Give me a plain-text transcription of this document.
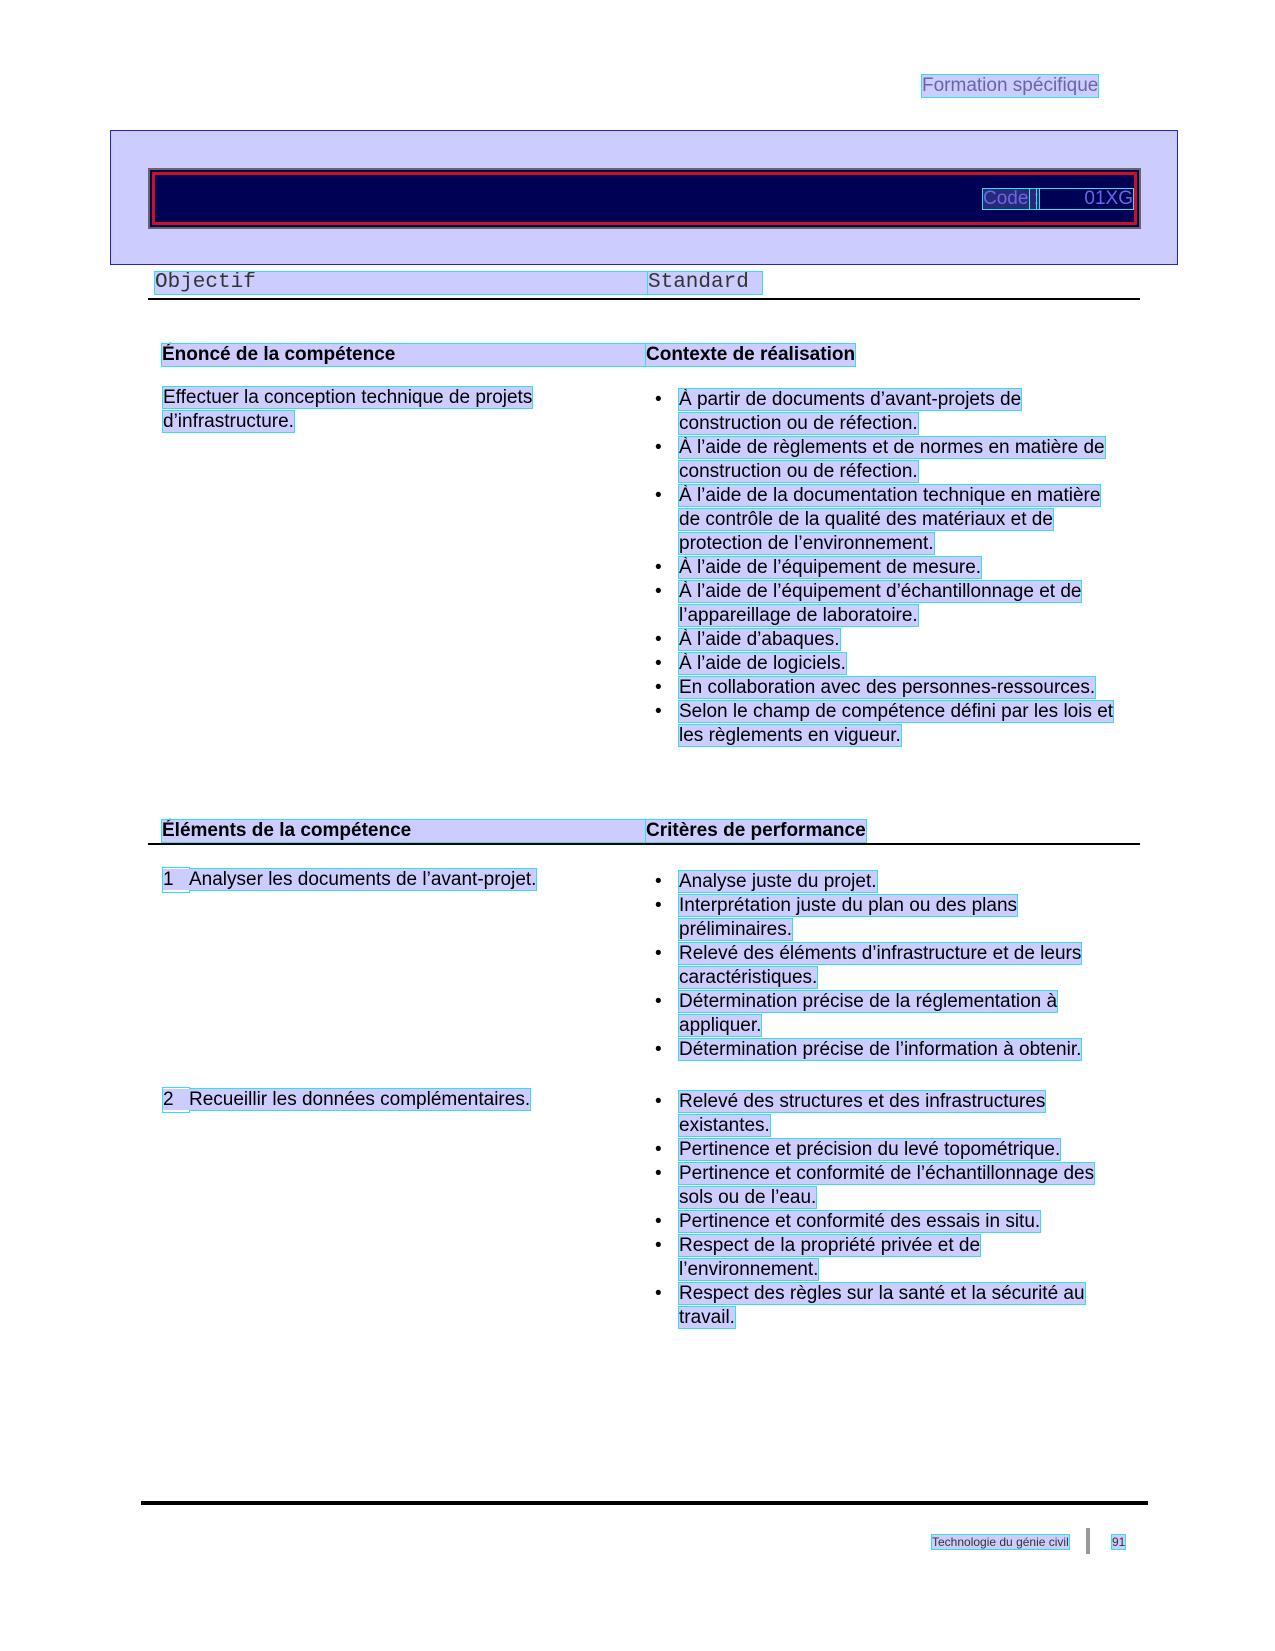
Formation spécifique
Code :	01XG
Objectif	Standard
Énoncé de la compétence	Contexte de réalisation
Effectuer la conception technique de projets d’infrastructure.
• À partir de documents d’avant-projets de construction ou de réfection.
• À l’aide de règlements et de normes en matière de construction ou de réfection.
• À l’aide de la documentation technique en matière de contrôle de la qualité des matériaux et de protection de l’environnement.
• À l’aide de l’équipement de mesure.
• À l’aide de l’équipement d’échantillonnage et de l’appareillage de laboratoire.
• À l’aide d’abaques.
• À l’aide de logiciels.
• En collaboration avec des personnes-ressources.
• Selon le champ de compétence défini par les lois et les règlements en vigueur.
Éléments de la compétence	Critères de performance
1 Analyser les documents de l’avant-projet.	• Analyse juste du projet.
• Interprétation juste du plan ou des plans préliminaires.
• Relevé des éléments d’infrastructure et de leurs caractéristiques.
• Détermination précise de la réglementation à appliquer.
• Détermination précise de l’information à obtenir.
2 Recueillir les données complémentaires.	• Relevé des structures et des infrastructures existantes.
• Pertinence et précision du levé topométrique.
• Pertinence et conformité de l’échantillonnage des sols ou de l’eau.
• Pertinence et conformité des essais in situ.
• Respect de la propriété privée et de l’environnement.
• Respect des règles sur la santé et la sécurité au travail.
Technologie du génie civil	91
